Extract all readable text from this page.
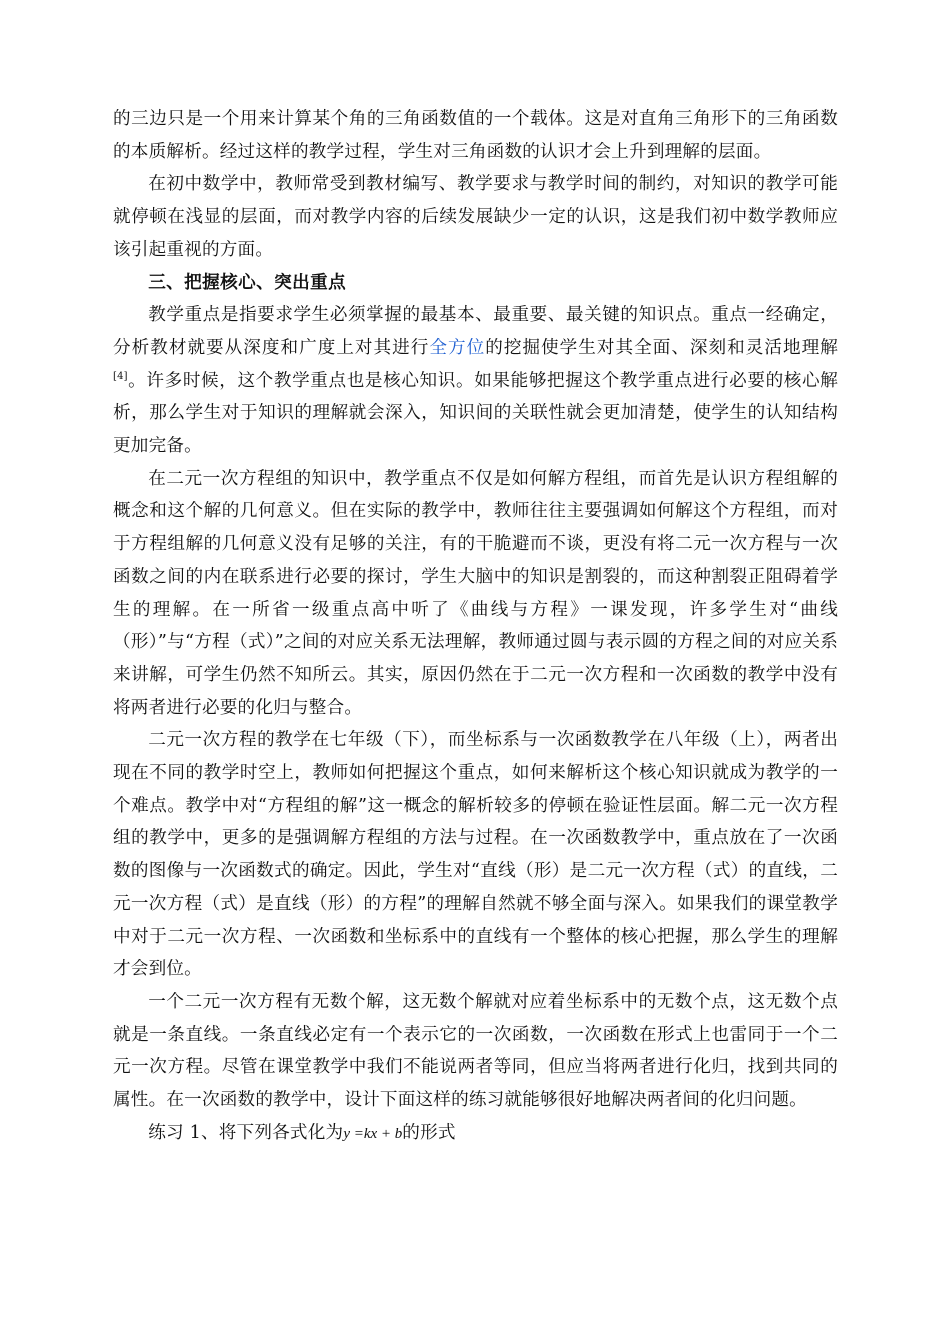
的三边只是一个用来计算某个角的三角函数值的一个载体。这是对直角三角形下的三角函数的本质解析。经过这样的教学过程，学生对三角函数的认识才会上升到理解的层面。

在初中数学中，教师常受到教材编写、教学要求与教学时间的制约，对知识的教学可能就停顿在浅显的层面，而对教学内容的后续发展缺少一定的认识，这是我们初中数学教师应该引起重视的方面。

三、把握核心、突出重点

教学重点是指要求学生必须掌握的最基本、最重要、最关键的知识点。重点一经确定，分析教材就要从深度和广度上对其进行全方位的挖掘使学生对其全面、深刻和灵活地理解[4]。许多时候，这个教学重点也是核心知识。如果能够把握这个教学重点进行必要的核心解析，那么学生对于知识的理解就会深入，知识间的关联性就会更加清楚，使学生的认知结构更加完备。

在二元一次方程组的知识中，教学重点不仅是如何解方程组，而首先是认识方程组解的概念和这个解的几何意义。但在实际的教学中，教师往往主要强调如何解这个方程组，而对于方程组解的几何意义没有足够的关注，有的干脆避而不谈，更没有将二元一次方程与一次函数之间的内在联系进行必要的探讨，学生大脑中的知识是割裂的，而这种割裂正阻碍着学生的理解。在一所省一级重点高中听了《曲线与方程》一课发现，许多学生对“曲线（形）”与“方程（式）”之间的对应关系无法理解，教师通过圆与表示圆的方程之间的对应关系来讲解，可学生仍然不知所云。其实，原因仍然在于二元一次方程和一次函数的教学中没有将两者进行必要的化归与整合。

二元一次方程的教学在七年级（下），而坐标系与一次函数教学在八年级（上），两者出现在不同的教学时空上，教师如何把握这个重点，如何来解析这个核心知识就成为教学的一个难点。教学中对“方程组的解”这一概念的解析较多的停顿在验证性层面。解二元一次方程组的教学中，更多的是强调解方程组的方法与过程。在一次函数教学中，重点放在了一次函数的图像与一次函数式的确定。因此，学生对“直线（形）是二元一次方程（式）的直线，二元一次方程（式）是直线（形）的方程”的理解自然就不够全面与深入。如果我们的课堂教学中对于二元一次方程、一次函数和坐标系中的直线有一个整体的核心把握，那么学生的理解才会到位。

一个二元一次方程有无数个解，这无数个解就对应着坐标系中的无数个点，这无数个点就是一条直线。一条直线必定有一个表示它的一次函数，一次函数在形式上也雷同于一个二元一次方程。尽管在课堂教学中我们不能说两者等同，但应当将两者进行化归，找到共同的属性。在一次函数的教学中，设计下面这样的练习就能够很好地解决两者间的化归问题。

练习 1、将下列各式化为y =kx + b的形式
